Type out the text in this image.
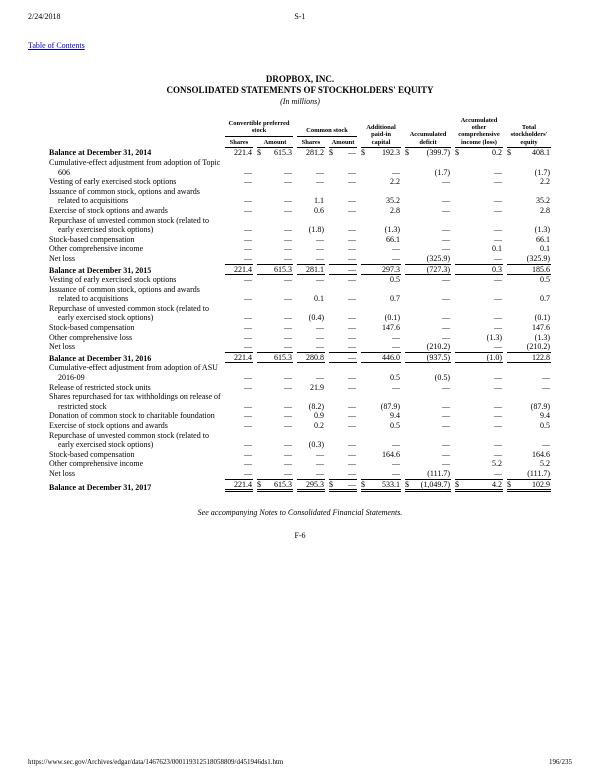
2/24/2018	S-1
Table of Contents
DROPBOX, INC.
CONSOLIDATED STATEMENTS OF STOCKHOLDERS' EQUITY
(In millions)
	Convertible preferred stock		Common stock		Additional paid-in capital	Accumulated deficit	Accumulated other comprehensive income (loss)	Total stockholders' equity
	Shares	Amount	Shares	Amount				
Balance at December 31, 2014	221.4	$ 615.3	281.2	$ —	$ 192.3	$ (399.7)	$ 0.2	$ 408.1

Cumulative-effect adjustment from adoption of Topic 606	—	—	—	—	—	(1.7)	—	(1.7)
Vesting of early exercised stock options	—	—	—	—	2.2	—	—	2.2
Issuance of common stock, options and awards related to acquisitions	—	—	1.1	—	35.2	—	—	35.2
Exercise of stock options and awards	—	—	0.6	—	2.8	—	—	2.8
Repurchase of unvested common stock (related to early exercised stock options)	—	—	(1.8)	—	(1.3)	—	—	(1.3)
Stock-based compensation	—	—	—	—	66.1	—	—	66.1
Other comprehensive income	—	—	—	—	—	—	0.1	0.1
Net loss	—	—	—	—	—	(325.9)	—	(325.9)
Balance at December 31, 2015	221.4	615.3	281.1	—	297.3	(727.3)	0.3	185.6
Vesting of early exercised stock options	—	—	—	—	0.5	—	—	0.5
Issuance of common stock, options and awards related to acquisitions	—	—	0.1	—	0.7	—	—	0.7
Repurchase of unvested common stock (related to early exercised stock options)	—	—	(0.4)	—	(0.1)	—	—	(0.1)
Stock-based compensation	—	—	—	—	147.6	—	—	147.6
Other comprehensive loss	—	—	—	—	—	—	(1.3)	(1.3)
Net loss	—	—	—	—	—	(210.2)	—	(210.2)
Balance at December 31, 2016	221.4	615.3	280.8	—	446.0	(937.5)	(1.0)	122.8
Cumulative-effect adjustment from adoption of ASU 2016-09	—	—	—	—	0.5	(0.5)	—	—
Release of restricted stock units	—	—	21.9	—	—	—	—	—
Shares repurchased for tax withholdings on release of restricted stock	—	—	(8.2)	—	(87.9)	—	—	(87.9)
Donation of common stock to charitable foundation	—	—	0.9	—	9.4	—	—	9.4
Exercise of stock options and awards	—	—	0.2	—	0.5	—	—	0.5
Repurchase of unvested common stock (related to early exercised stock options)	—	—	(0.3)	—	—	—	—	—
Stock-based compensation	—	—	—	—	164.6	—	—	164.6
Other comprehensive income	—	—	—	—	—	—	5.2	5.2
Net loss	—	—	—	—	—	(111.7)	—	(111.7)
Balance at December 31, 2017	221.4	$ 615.3	295.3	$ —	$ 533.1	$ (1,049.7)	$ 4.2	$ 102.9
See accompanying Notes to Consolidated Financial Statements.
F-6
https://www.sec.gov/Archives/edgar/data/1467623/000119312518058809/d451946ds1.htm	196/235
